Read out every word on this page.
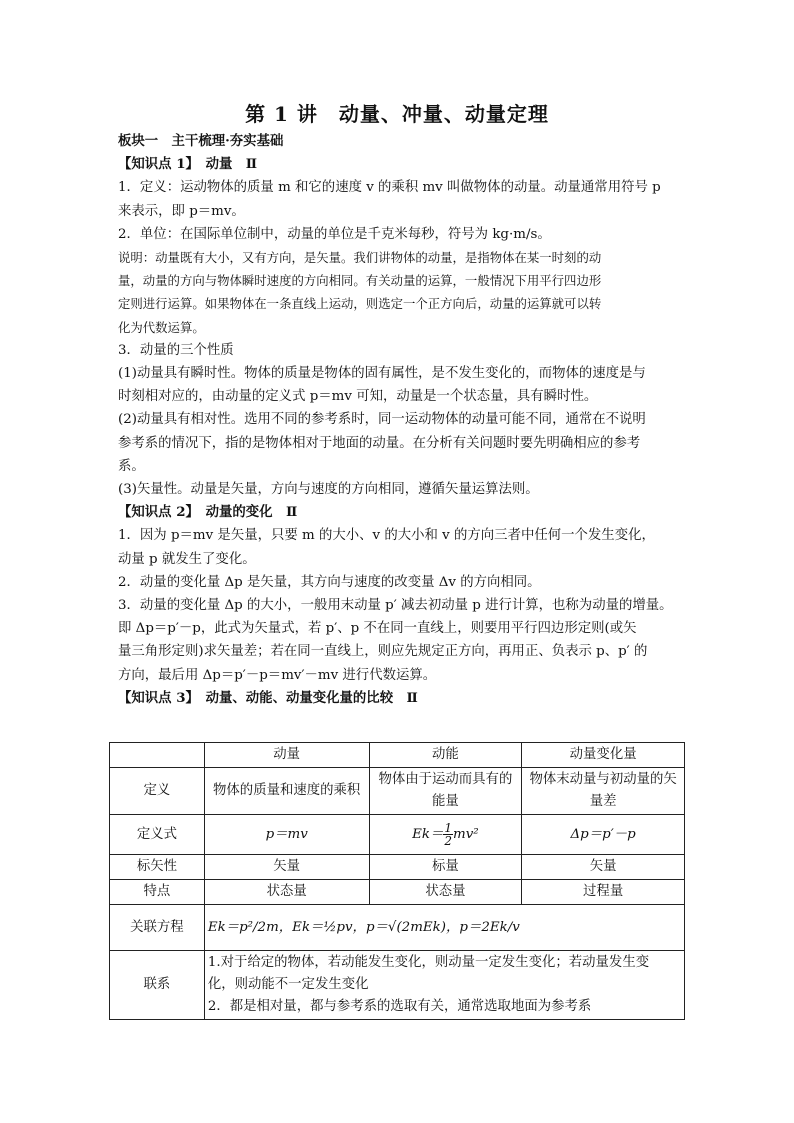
第 1 讲　动量、冲量、动量定理
板块一　主干梳理·夯实基础
【知识点 1】　动量　Ⅱ
1．定义：运动物体的质量 m 和它的速度 v 的乘积 mv 叫做物体的动量。动量通常用符号 p
来表示，即 p＝mv。
2．单位：在国际单位制中，动量的单位是千克米每秒，符号为 kg·m/s。
说明：动量既有大小，又有方向，是矢量。我们讲物体的动量，是指物体在某一时刻的动
量，动量的方向与物体瞬时速度的方向相同。有关动量的运算，一般情况下用平行四边形
定则进行运算。如果物体在一条直线上运动，则选定一个正方向后，动量的运算就可以转
化为代数运算。
3．动量的三个性质
(1)动量具有瞬时性。物体的质量是物体的固有属性，是不发生变化的，而物体的速度是与
时刻相对应的，由动量的定义式 p＝mv 可知，动量是一个状态量，具有瞬时性。
(2)动量具有相对性。选用不同的参考系时，同一运动物体的动量可能不同，通常在不说明
参考系的情况下，指的是物体相对于地面的动量。在分析有关问题时要先明确相应的参考
系。
(3)矢量性。动量是矢量，方向与速度的方向相同，遵循矢量运算法则。
【知识点 2】　动量的变化　Ⅱ
1．因为 p＝mv 是矢量，只要 m 的大小、v 的大小和 v 的方向三者中任何一个发生变化，
动量 p 就发生了变化。
2．动量的变化量 Δp 是矢量，其方向与速度的改变量 Δv 的方向相同。
3．动量的变化量 Δp 的大小，一般用末动量 p′ 减去初动量 p 进行计算，也称为动量的增量。
即 Δp＝p′－p，此式为矢量式，若 p′、p 不在同一直线上，则要用平行四边形定则(或矢
量三角形定则)求矢量差；若在同一直线上，则应先规定正方向，再用正、负表示 p、p′ 的
方向，最后用 Δp＝p′－p＝mv′－mv 进行代数运算。
【知识点 3】　动量、动能、动量变化量的比较　Ⅱ
	动量	动能	动量变化量
定义	物体的质量和速度的乘积	物体由于运动而具有的能量	物体末动量与初动量的矢量差
定义式	p＝mv	$Ek= \frac{1}{2} mv^2$	Δp＝p′－p
标矢性	矢量	标量	矢量
特点	状态量	状态量	过程量
关联方程	Ek＝p²/2m，Ek＝½pv，p＝√(2mEk)，p＝2Ek/v		
联系	1.对于给定的物体，若动能发生变化，则动量一定发生变化；若动量发生变
化，则动能不一定发生变化
2．都是相对量，都与参考系的选取有关，通常选取地面为参考系		
